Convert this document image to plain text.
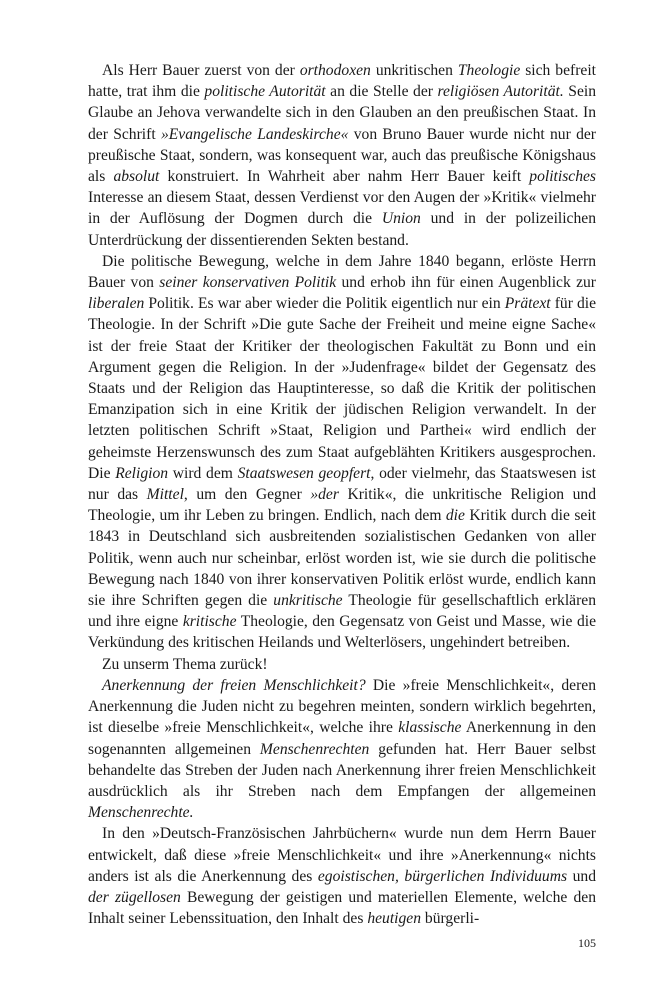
Als Herr Bauer zuerst von der orthodoxen unkritischen Theologie sich befreit hatte, trat ihm die politische Autorität an die Stelle der religiösen Autorität. Sein Glaube an Jehova verwandelte sich in den Glauben an den preußischen Staat. In der Schrift »Evangelische Landeskirche« von Bruno Bauer wurde nicht nur der preußische Staat, sondern, was konsequent war, auch das preußische Königshaus als absolut konstruiert. In Wahrheit aber nahm Herr Bauer keift politisches Interesse an diesem Staat, dessen Verdienst vor den Augen der »Kritik« vielmehr in der Auflösung der Dogmen durch die Union und in der polizeilichen Unterdrückung der dissentierenden Sekten bestand.

Die politische Bewegung, welche in dem Jahre 1840 begann, erlöste Herrn Bauer von seiner konservativen Politik und erhob ihn für einen Augenblick zur liberalen Politik. Es war aber wieder die Politik eigentlich nur ein Prätext für die Theologie. In der Schrift »Die gute Sache der Freiheit und meine eigne Sache« ist der freie Staat der Kritiker der theologischen Fakultät zu Bonn und ein Argument gegen die Religion. In der »Judenfrage« bildet der Gegensatz des Staats und der Religion das Hauptinteresse, so daß die Kritik der politischen Emanzipation sich in eine Kritik der jüdischen Religion verwandelt. In der letzten politischen Schrift »Staat, Religion und Parthei« wird endlich der geheimste Herzenswunsch des zum Staat aufgeblähten Kritikers ausgesprochen. Die Religion wird dem Staatswesen geopfert, oder vielmehr, das Staatswesen ist nur das Mittel, um den Gegner »der Kritik«, die unkritische Religion und Theologie, um ihr Leben zu bringen. Endlich, nach dem die Kritik durch die seit 1843 in Deutschland sich ausbreitenden sozialistischen Gedanken von aller Politik, wenn auch nur scheinbar, erlöst worden ist, wie sie durch die politische Bewegung nach 1840 von ihrer konservativen Politik erlöst wurde, endlich kann sie ihre Schriften gegen die unkritische Theologie für gesellschaftlich erklären und ihre eigne kritische Theologie, den Gegensatz von Geist und Masse, wie die Verkündung des kritischen Heilands und Welterlösers, ungehindert betreiben.

Zu unserm Thema zurück!

Anerkennung der freien Menschlichkeit? Die »freie Menschlichkeit«, deren Anerkennung die Juden nicht zu begehren meinten, sondern wirklich begehrten, ist dieselbe »freie Menschlichkeit«, welche ihre klassische Anerkennung in den sogenannten allgemeinen Menschenrechten gefunden hat. Herr Bauer selbst behandelte das Streben der Juden nach Anerkennung ihrer freien Menschlichkeit ausdrücklich als ihr Streben nach dem Empfangen der allgemeinen Menschenrechte.

In den »Deutsch-Französischen Jahrbüchern« wurde nun dem Herrn Bauer entwickelt, daß diese »freie Menschlichkeit« und ihre »Anerkennung« nichts anders ist als die Anerkennung des egoistischen, bürgerlichen Individuums und der zügellosen Bewegung der geistigen und materiellen Elemente, welche den Inhalt seiner Lebenssituation, den Inhalt des heutigen bürgerli-

105
